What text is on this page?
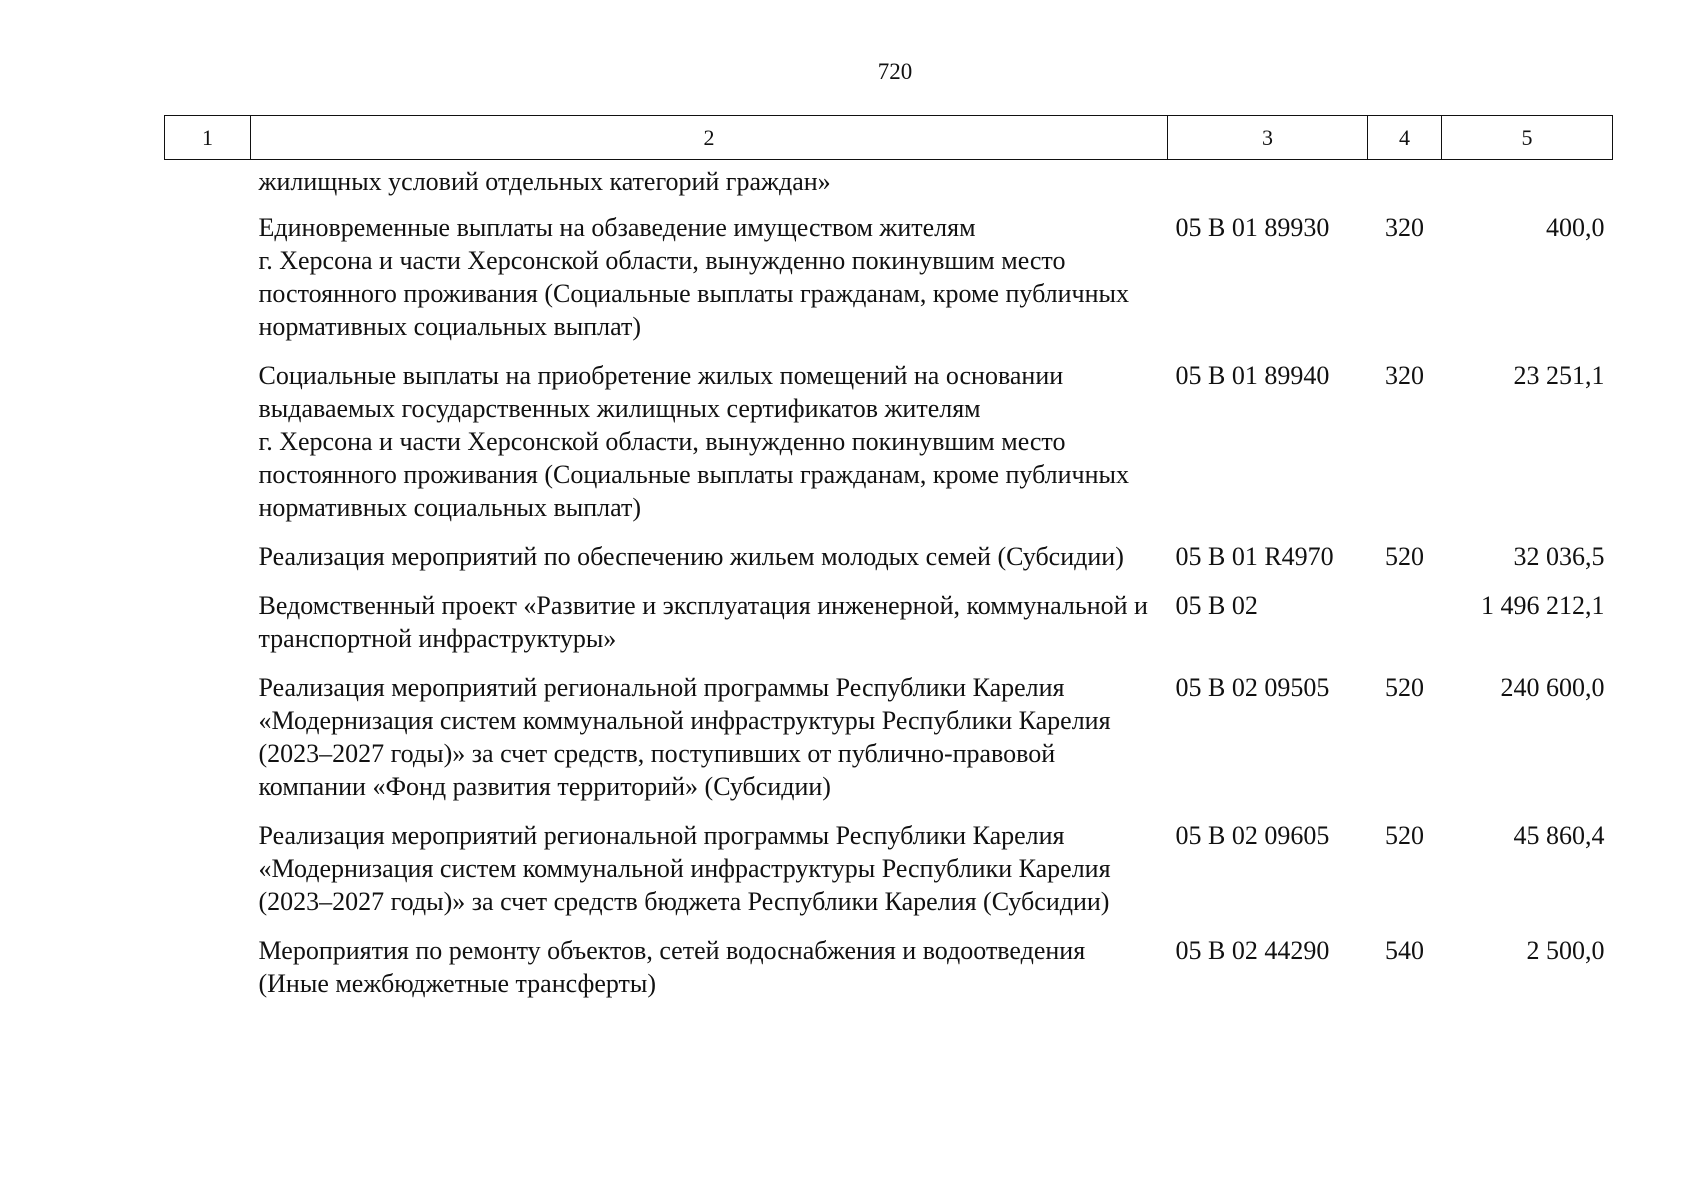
720
1	2	3	4	5
	жилищных условий отдельных категорий граждан»			
	Единовременные выплаты на обзаведение имуществом жителям
г. Херсона и части Херсонской области, вынужденно покинувшим место постоянного проживания (Социальные выплаты гражданам, кроме публичных нормативных социальных выплат)	05 В 01 89930	320	400,0
	Социальные выплаты на приобретение жилых помещений на основании выдаваемых государственных жилищных сертификатов жителям
г. Херсона и части Херсонской области, вынужденно покинувшим место постоянного проживания (Социальные выплаты гражданам, кроме публичных нормативных социальных выплат)	05 В 01 89940	320	23 251,1
	Реализация мероприятий по обеспечению жильем молодых семей (Субсидии)	05 В 01 R4970	520	32 036,5
	Ведомственный проект «Развитие и эксплуатация инженерной, коммунальной и транспортной инфраструктуры»	05 В 02		1 496 212,1
	Реализация мероприятий региональной программы Республики Карелия «Модернизация систем коммунальной инфраструктуры Республики Карелия (2023–2027 годы)» за счет средств, поступивших от публично-правовой компании «Фонд развития территорий» (Субсидии)	05 В 02 09505	520	240 600,0
	Реализация мероприятий региональной программы Республики Карелия «Модернизация систем коммунальной инфраструктуры Республики Карелия (2023–2027 годы)» за счет средств бюджета Республики Карелия (Субсидии)	05 В 02 09605	520	45 860,4
	Мероприятия по ремонту объектов, сетей водоснабжения и водоотведения (Иные межбюджетные трансферты)	05 В 02 44290	540	2 500,0
